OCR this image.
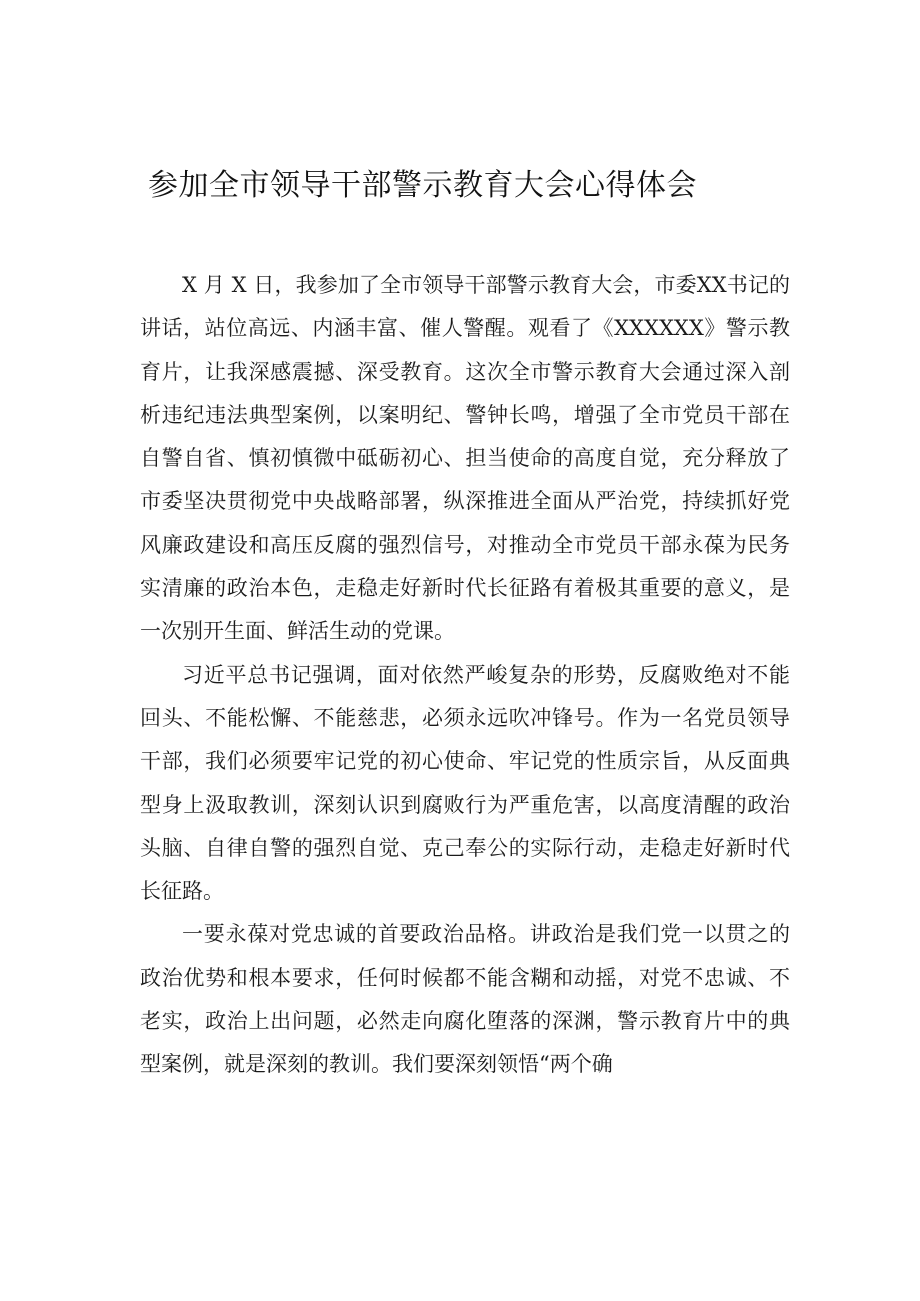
参加全市领导干部警示教育大会心得体会

X 月 X 日，我参加了全市领导干部警示教育大会，市委XX书记的讲话，站位高远、内涵丰富、催人警醒。观看了《XXXXXX》警示教育片，让我深感震撼、深受教育。这次全市警示教育大会通过深入剖析违纪违法典型案例，以案明纪、警钟长鸣，增强了全市党员干部在自警自省、慎初慎微中砥砺初心、担当使命的高度自觉，充分释放了市委坚决贯彻党中央战略部署，纵深推进全面从严治党，持续抓好党风廉政建设和高压反腐的强烈信号，对推动全市党员干部永葆为民务实清廉的政治本色，走稳走好新时代长征路有着极其重要的意义，是一次别开生面、鲜活生动的党课。

习近平总书记强调，面对依然严峻复杂的形势，反腐败绝对不能回头、不能松懈、不能慈悲，必须永远吹冲锋号。作为一名党员领导干部，我们必须要牢记党的初心使命、牢记党的性质宗旨，从反面典型身上汲取教训，深刻认识到腐败行为严重危害，以高度清醒的政治头脑、自律自警的强烈自觉、克己奉公的实际行动，走稳走好新时代长征路。

一要永葆对党忠诚的首要政治品格。讲政治是我们党一以贯之的政治优势和根本要求，任何时候都不能含糊和动摇，对党不忠诚、不老实，政治上出问题，必然走向腐化堕落的深渊，警示教育片中的典型案例，就是深刻的教训。我们要深刻领悟“两个确
